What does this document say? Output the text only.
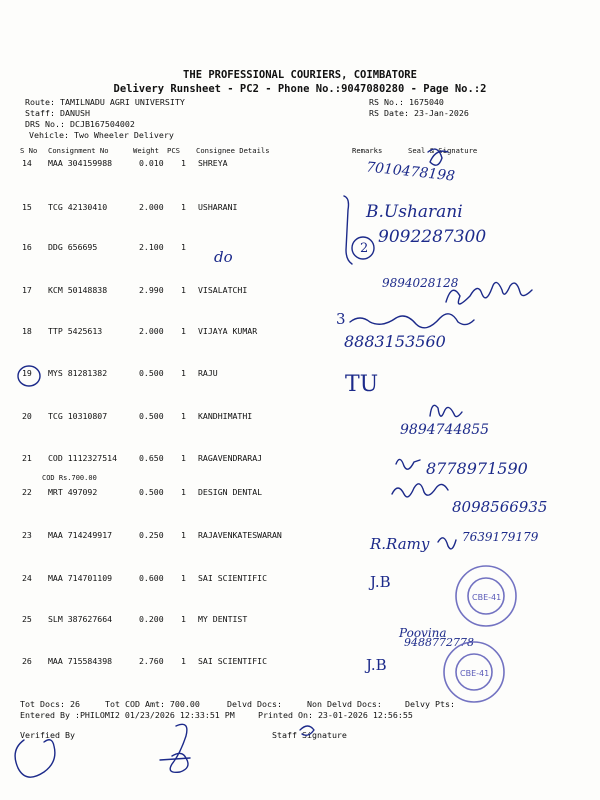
THE PROFESSIONAL COURIERS, COIMBATORE
Delivery Runsheet - PC2 - Phone No.:9047080280 - Page No.:2
Route: TAMILNADU AGRI UNIVERSITY
Staff: DANUSH
DRS No.: DCJB167504002
Vehicle: Two Wheeler Delivery
RS No.: 1675040
RS Date: 23-Jan-2026
S No Consignment No	Weight PCS Consignee Details	Remarks	Seal & Signature
14 MAA 304159988	0.010 1 SHREYA
15 TCG 42130410	2.000 1 USHARANI
16 DDG 656695	2.100 1
17 KCM 50148838	2.990 1 VISALATCHI
18 TTP 5425613	2.000 1 VIJAYA KUMAR
19 MYS 81281382	0.500 1 RAJU
20 TCG 10310807	0.500 1 KANDHIMATHI
21 COD 1112327514	0.650 1 RAGAVENDRARAJ
COD Rs.700.00
22 MRT 497092	0.500 1 DESIGN DENTAL
23 MAA 714249917	0.250 1 RAJAVENKATESWARAN
24 MAA 714701109	0.600 1 SAI SCIENTIFIC
25 SLM 387627664	0.200 1 MY DENTIST
26 MAA 715584398	2.760 1 SAI SCIENTIFIC
Tot Docs: 26	Tot COD Amt: 700.00	Delvd Docs:	Non Delvd Docs:	Delvy Pts:
Entered By :PHILOMI2 01/23/2026 12:33:51 PM	Printed On: 23-01-2026 12:56:55
Verified By	Staff Signature
7010478198
B.Usharani
9092287300
2
do
9894028128
3
8883153560
TU
9894744855
8778971590
8098566935
R.Ramy	7639179179
J.B
Poovina
9488772778
J.B
CBE-41
CBE-41
